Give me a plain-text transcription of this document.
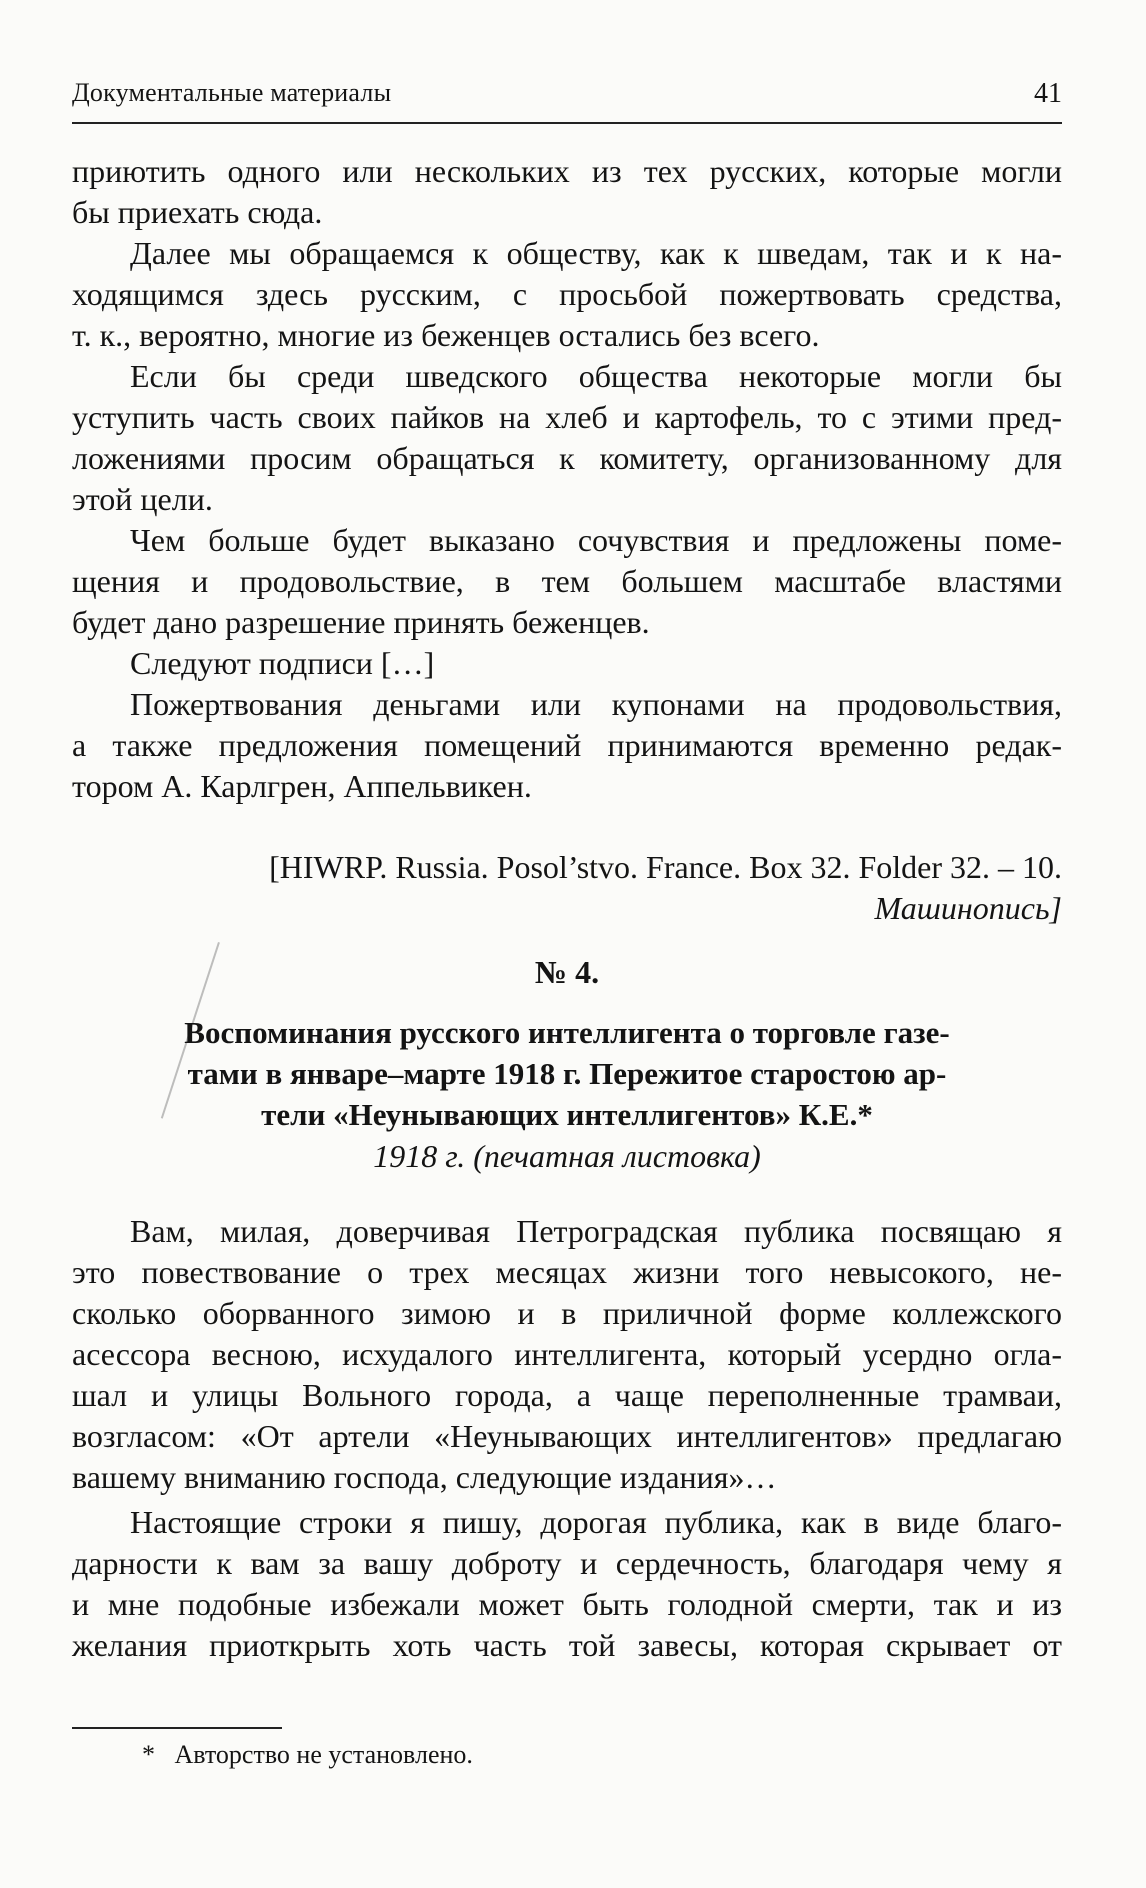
Документальные материалы	41
приютить одного или нескольких из тех русских, которые могли
бы приехать сюда.
Далее мы обращаемся к обществу, как к шведам, так и к на-
ходящимся здесь русским, с просьбой пожертвовать средства,
т. к., вероятно, многие из беженцев остались без всего.
Если бы среди шведского общества некоторые могли бы
уступить часть своих пайков на хлеб и картофель, то с этими пред-
ложениями просим обращаться к комитету, организованному для
этой цели.
Чем больше будет выказано сочувствия и предложены поме-
щения и продовольствие, в тем большем масштабе властями
будет дано разрешение принять беженцев.
Следуют подписи […]
Пожертвования деньгами или купонами на продовольствия,
а также предложения помещений принимаются временно редак-
тором А. Карлгрен, Аппельвикен.
[HIWRP. Russia. Posol’stvo. France. Box 32. Folder 32. – 10.
Машинопись]
№ 4.
Воспоминания русского интеллигента о торговле газе-
тами в январе–марте 1918 г. Пережитое старостою ар-
тели «Неунывающих интеллигентов» К.Е.*
1918 г. (печатная листовка)
Вам, милая, доверчивая Петроградская публика посвящаю я
это повествование о трех месяцах жизни того невысокого, не-
сколько оборванного зимою и в приличной форме коллежского
асессора весною, исхудалого интеллигента, который усердно огла-
шал и улицы Вольного города, а чаще переполненные трамваи,
возгласом: «От артели «Неунывающих интеллигентов» предлагаю
вашему вниманию господа, следующие издания»…
Настоящие строки я пишу, дорогая публика, как в виде благо-
дарности к вам за вашу доброту и сердечность, благодаря чему я
и мне подобные избежали может быть голодной смерти, так и из
желания приоткрыть хоть часть той завесы, которая скрывает от
* Авторство не установлено.
